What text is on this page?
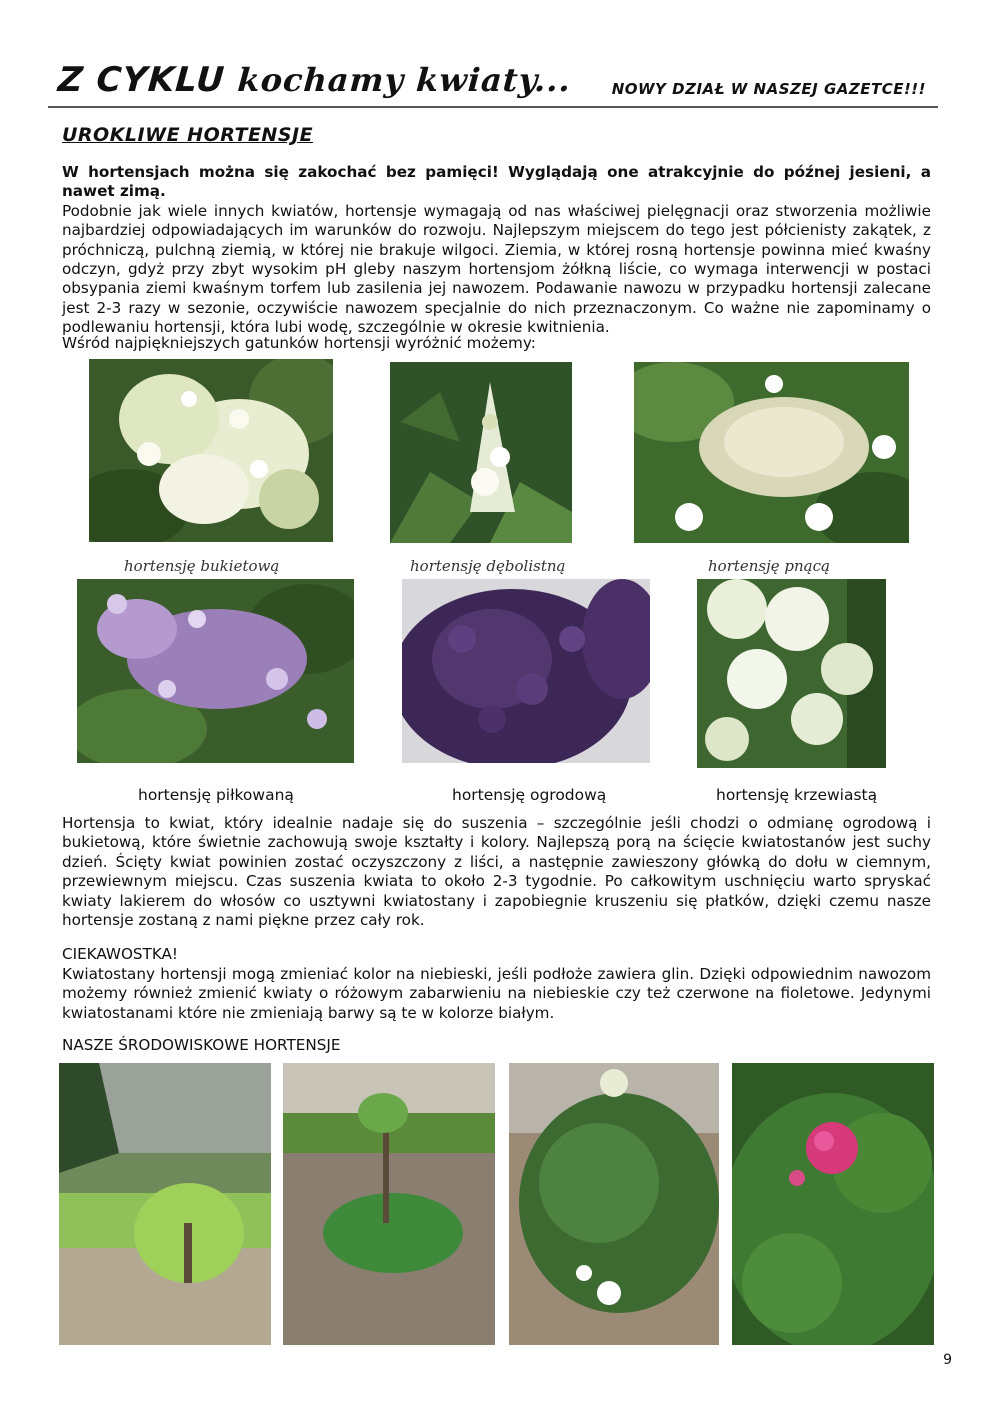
Z CYKLU kochamy kwiaty...	NOWY DZIAŁ W NASZEJ GAZETCE!!!
UROKLIWE HORTENSJE
W hortensjach można się zakochać bez pamięci! Wyglądają one atrakcyjnie do późnej jesieni, a nawet zimą.
Podobnie jak wiele innych kwiatów, hortensje wymagają od nas właściwej pielęgnacji oraz stworzenia możliwie najbardziej odpowiadających im warunków do rozwoju. Najlepszym miejscem do tego jest półcienisty zakątek, z próchniczą, pulchną ziemią, w której nie brakuje wilgoci. Ziemia, w której rosną hortensje powinna mieć kwaśny odczyn, gdyż przy zbyt wysokim pH gleby naszym hortensjom żółkną liście, co wymaga interwencji w postaci obsypania ziemi kwaśnym torfem lub zasilenia jej nawozem. Podawanie nawozu w przypadku hortensji zalecane jest 2-3 razy w sezonie, oczywiście nawozem specjalnie do nich przeznaczonym. Co ważne nie zapominamy o podlewaniu hortensji, która lubi wodę, szczególnie w okresie kwitnienia.
Wśród najpiękniejszych gatunków hortensji wyróżnić możemy:
hortensję bukietową	hortensję dębolistną	hortensję pnącą
hortensję piłkowaną	hortensję ogrodową	hortensję krzewiastą
Hortensja to kwiat, który idealnie nadaje się do suszenia – szczególnie jeśli chodzi o odmianę ogrodową i bukietową, które świetnie zachowują swoje kształty i kolory. Najlepszą porą na ścięcie kwiatostanów jest suchy dzień. Ścięty kwiat powinien zostać oczyszczony z liści, a następnie zawieszony główką do dołu w ciemnym, przewiewnym miejscu. Czas suszenia kwiata to około 2-3 tygodnie. Po całkowitym uschnięciu warto spryskać kwiaty lakierem do włosów co usztywni kwiatostany i zapobiegnie kruszeniu się płatków, dzięki czemu nasze hortensje zostaną z nami piękne przez cały rok.
CIEKAWOSTKA!
Kwiatostany hortensji mogą zmieniać kolor na niebieski, jeśli podłoże zawiera glin. Dzięki odpowiednim nawozom możemy również zmienić kwiaty o różowym zabarwieniu na niebieskie czy też czerwone na fioletowe. Jedynymi kwiatostanami które nie zmieniają barwy są te w kolorze białym.
NASZE ŚRODOWISKOWE HORTENSJE
9
